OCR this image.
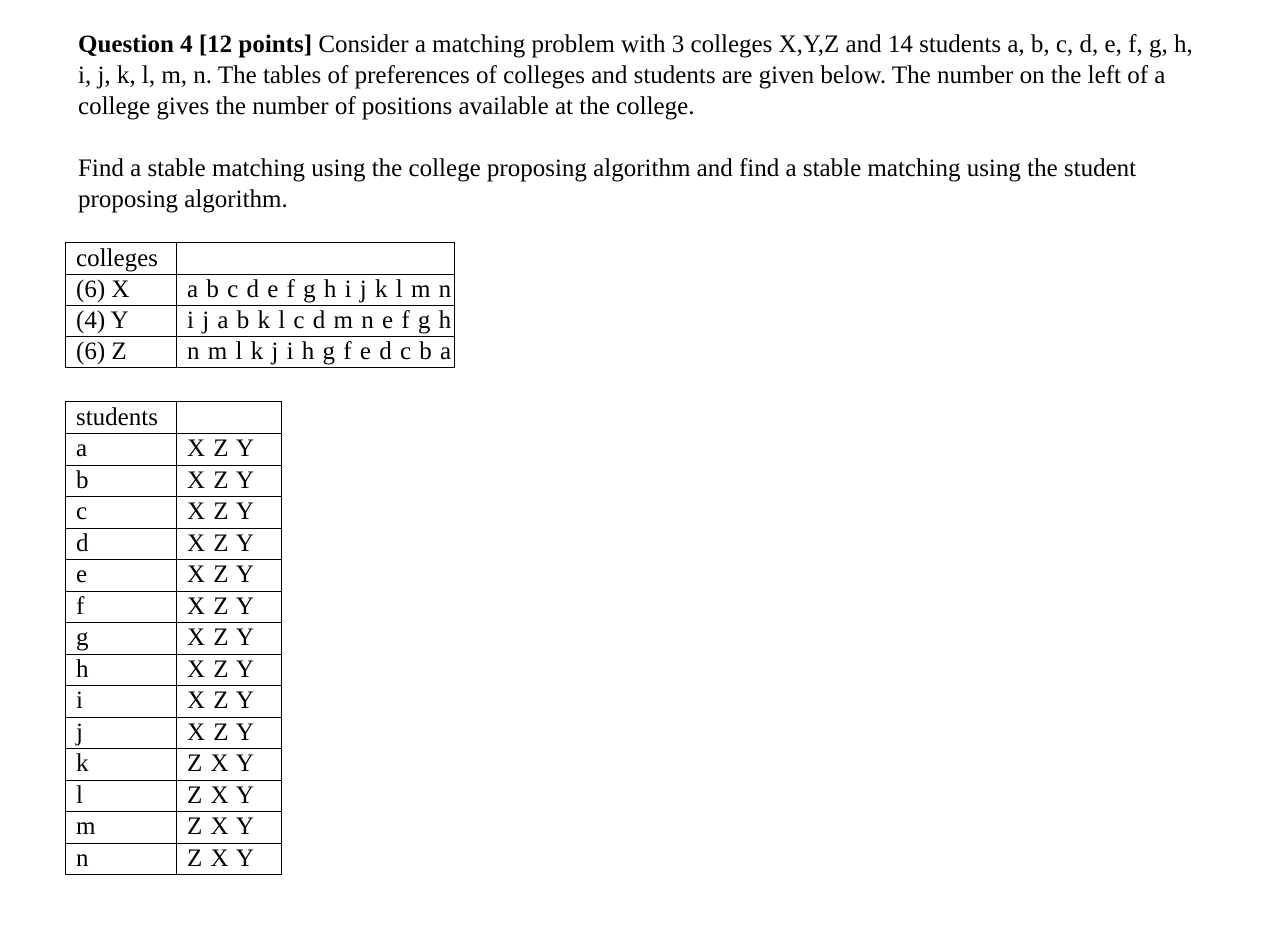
Question 4 [12 points] Consider a matching problem with 3 colleges X,Y,Z and 14 students a, b, c, d, e, f, g, h, i, j, k, l, m, n. The tables of preferences of colleges and students are given below. The number on the left of a college gives the number of positions available at the college.

Find a stable matching using the college proposing algorithm and find a stable matching using the student proposing algorithm.

colleges	
(6) X	a b c d e f g h i j k l m n
(4) Y	i j a b k l c d m n e f g h
(6) Z	n m l k j i h g f e d c b a
students	
a	X Z Y
b	X Z Y
c	X Z Y
d	X Z Y
e	X Z Y
f	X Z Y
g	X Z Y
h	X Z Y
i	X Z Y
j	X Z Y
k	Z X Y
l	Z X Y
m	Z X Y
n	Z X Y
